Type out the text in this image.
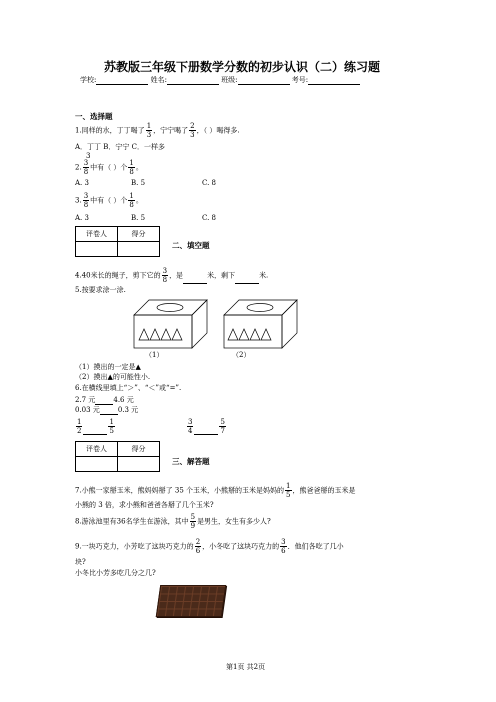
苏教版三年级下册数学分数的初步认识（二）练习题
学校:	姓名:	班级:	考号:
一、选择题
1.同样的水，丁丁喝了 $\frac{1}{3}$ ，宁宁喝了 $\frac{2}{3}$ ，（ ）喝得多.
A．丁丁 B．宁宁 C．一样多
3
2. $\frac{3}{8}$ 中有（ ）个 $\frac{1}{8}$ 。
A. 3	B. 5	C. 8
3. $\frac{3}{8}$ 中有（ ）个 $\frac{1}{8}$ 。
A. 3	B. 5	C. 8
评卷人	得分

二、填空题
4.40米长的绳子，剪下它的 $\frac{3}{8}$ ，是	米，剩下	米.
5.按要求涂一涂.
（1）	（2）
（1）摸出的一定是▲
（2）摸出▲的可能性小.
6.在横线里填上“＞”、“＜”或“=”.
2.7 元	4.6 元
0.03 元	0.3 元
$\frac{1}{2}$	$\frac{1}{5}$	$\frac{3}{4}$	$\frac{5}{7}$
评卷人	得分

三、解答题
7.小熊一家掰玉米，熊妈妈掰了 35 个玉米，小熊掰的玉米是妈妈的 $\frac{1}{5}$ ，熊爸爸掰的玉米是
小熊的 3 倍，求小熊和爸爸各掰了几个玉米?
8.游泳池里有36名学生在游泳，其中 $\frac{5}{9}$ 是男生，女生有多少人?
9.一块巧克力，小芳吃了这块巧克力的 $\frac{2}{6}$ ，小冬吃了这块巧克力的 $\frac{3}{6}$ ．他们各吃了几小
块?
小冬比小芳多吃几分之几?
第1页 共2页
